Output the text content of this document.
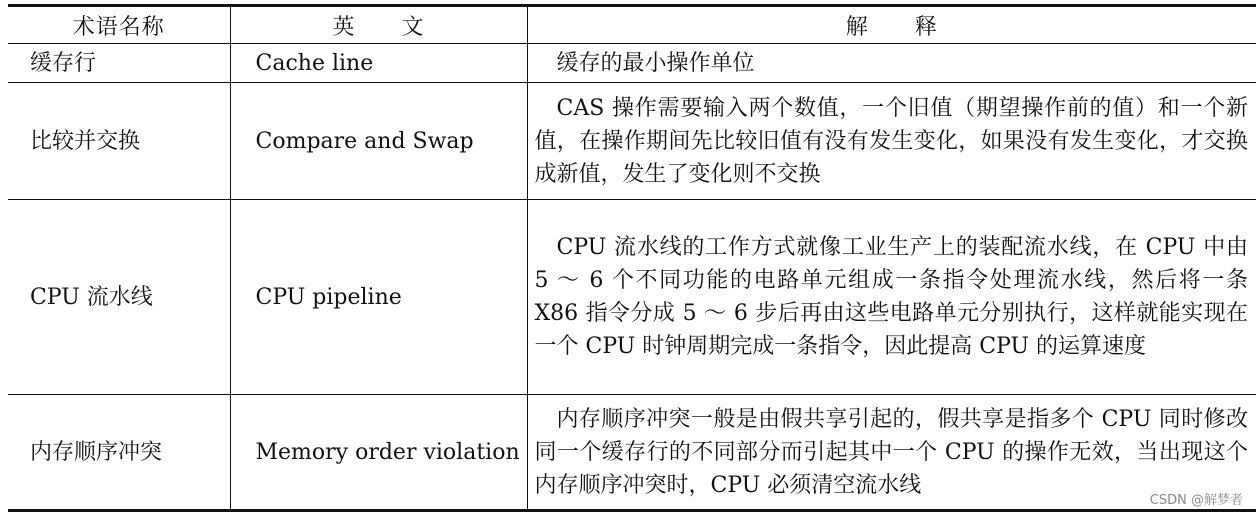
术语名称	英　　文	解　　释
缓存行	Cache line	缓存的最小操作单位
比较并交换	Compare and Swap	CAS 操作需要输入两个数值，一个旧值（期望操作前的值）和一个新值，在操作期间先比较旧值有没有发生变化，如果没有发生变化，才交换成新值，发生了变化则不交换
CPU 流水线	CPU pipeline	CPU 流水线的工作方式就像工业生产上的装配流水线，在 CPU 中由 5 ～ 6 个不同功能的电路单元组成一条指令处理流水线，然后将一条 X86 指令分成 5 ～ 6 步后再由这些电路单元分别执行，这样就能实现在一个 CPU 时钟周期完成一条指令，因此提高 CPU 的运算速度
内存顺序冲突	Memory order violation	内存顺序冲突一般是由假共享引起的，假共享是指多个 CPU 同时修改同一个缓存行的不同部分而引起其中一个 CPU 的操作无效，当出现这个内存顺序冲突时，CPU 必须清空流水线
CSDN @解梦者
